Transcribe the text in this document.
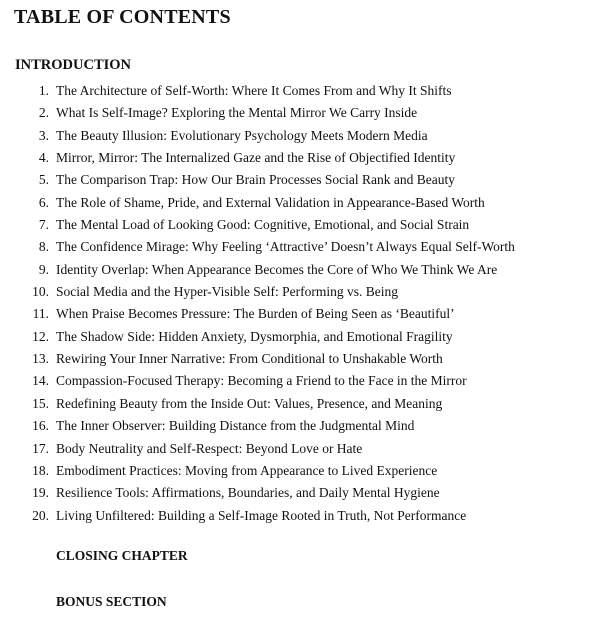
TABLE OF CONTENTS
INTRODUCTION
1. The Architecture of Self-Worth: Where It Comes From and Why It Shifts
2. What Is Self-Image? Exploring the Mental Mirror We Carry Inside
3. The Beauty Illusion: Evolutionary Psychology Meets Modern Media
4. Mirror, Mirror: The Internalized Gaze and the Rise of Objectified Identity
5. The Comparison Trap: How Our Brain Processes Social Rank and Beauty
6. The Role of Shame, Pride, and External Validation in Appearance-Based Worth
7. The Mental Load of Looking Good: Cognitive, Emotional, and Social Strain
8. The Confidence Mirage: Why Feeling ‘Attractive’ Doesn’t Always Equal Self-Worth
9. Identity Overlap: When Appearance Becomes the Core of Who We Think We Are
10. Social Media and the Hyper-Visible Self: Performing vs. Being
11. When Praise Becomes Pressure: The Burden of Being Seen as ‘Beautiful’
12. The Shadow Side: Hidden Anxiety, Dysmorphia, and Emotional Fragility
13. Rewiring Your Inner Narrative: From Conditional to Unshakable Worth
14. Compassion-Focused Therapy: Becoming a Friend to the Face in the Mirror
15. Redefining Beauty from the Inside Out: Values, Presence, and Meaning
16. The Inner Observer: Building Distance from the Judgmental Mind
17. Body Neutrality and Self-Respect: Beyond Love or Hate
18. Embodiment Practices: Moving from Appearance to Lived Experience
19. Resilience Tools: Affirmations, Boundaries, and Daily Mental Hygiene
20. Living Unfiltered: Building a Self-Image Rooted in Truth, Not Performance
CLOSING CHAPTER
BONUS SECTION
